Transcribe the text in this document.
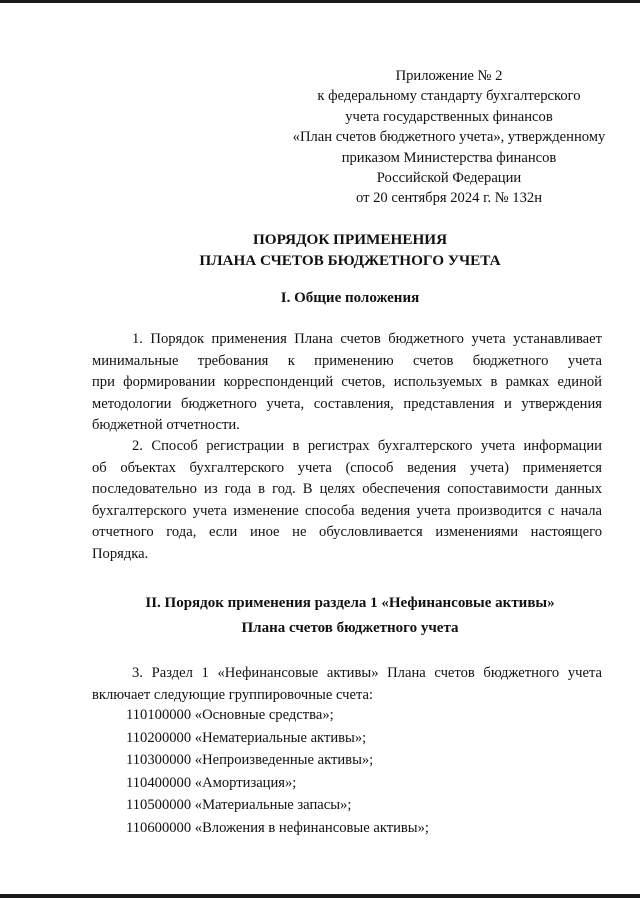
Приложение № 2
к федеральному стандарту бухгалтерского
учета государственных финансов
«План счетов бюджетного учета», утвержденному
приказом Министерства финансов
Российской Федерации
от 20 сентября 2024 г. № 132н
ПОРЯДОК ПРИМЕНЕНИЯ
ПЛАНА СЧЕТОВ БЮДЖЕТНОГО УЧЕТА
I. Общие положения
1. Порядок применения Плана счетов бюджетного учета устанавливает
минимальные требования к применению счетов бюджетного учета
при формировании корреспонденций счетов, используемых в рамках единой
методологии бюджетного учета, составления, представления и утверждения
бюджетной отчетности.
2. Способ регистрации в регистрах бухгалтерского учета информации
об объектах бухгалтерского учета (способ ведения учета) применяется
последовательно из года в год. В целях обеспечения сопоставимости данных
бухгалтерского учета изменение способа ведения учета производится с начала
отчетного года, если иное не обусловливается изменениями настоящего
Порядка.
II. Порядок применения раздела 1 «Нефинансовые активы»
Плана счетов бюджетного учета
3. Раздел 1 «Нефинансовые активы» Плана счетов бюджетного учета
включает следующие группировочные счета:
110100000 «Основные средства»;
110200000 «Нематериальные активы»;
110300000 «Непроизведенные активы»;
110400000 «Амортизация»;
110500000 «Материальные запасы»;
110600000 «Вложения в нефинансовые активы»;
